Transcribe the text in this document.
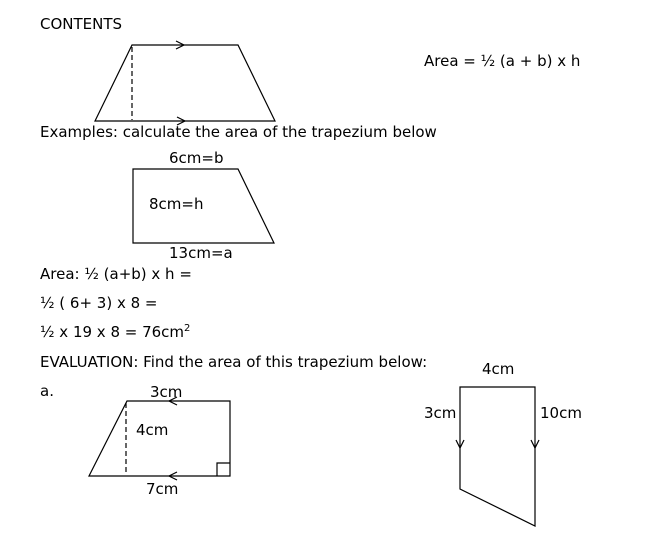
CONTENTS
Area = ½ (a + b) x h
Examples: calculate the area of the trapezium below
6cm=b
8cm=h
13cm=a
Area: ½ (a+b) x h =
½ ( 6+ 3) x 8 =
½ x 19 x $8 = 76cm^2$
EVALUATION: Find the area of this trapezium below:
a.	3cm
4cm
7cm
4cm
3cm	10cm
